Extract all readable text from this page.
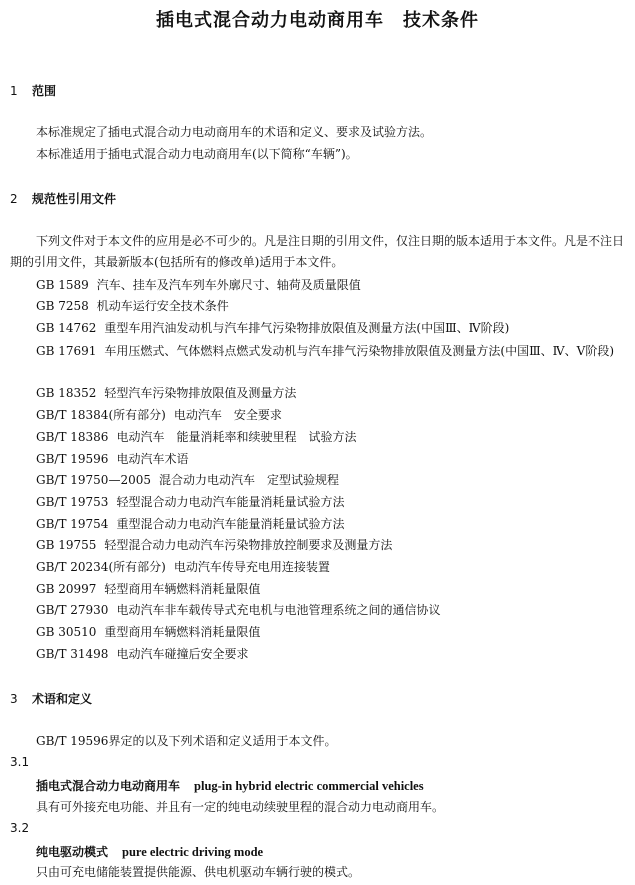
插电式混合动力电动商用车　技术条件
1 范围

本标准规定了插电式混合动力电动商用车的术语和定义、要求及试验方法。

本标准适用于插电式混合动力电动商用车(以下简称“车辆”)。

2 规范性引用文件

下列文件对于本文件的应用是必不可少的。凡是注日期的引用文件，仅注日期的版本适用于本文件。凡是不注日期的引用文件，其最新版本(包括所有的修改单)适用于本文件。

GB 1589 汽车、挂车及汽车列车外廓尺寸、轴荷及质量限值
GB 7258 机动车运行安全技术条件
GB 14762 重型车用汽油发动机与汽车排气污染物排放限值及测量方法(中国Ⅲ、Ⅳ阶段)
GB 17691 车用压燃式、气体燃料点燃式发动机与汽车排气污染物排放限值及测量方法(中国Ⅲ、Ⅳ、Ⅴ阶段)
GB 18352 轻型汽车污染物排放限值及测量方法
GB/T 18384(所有部分) 电动汽车　安全要求
GB/T 18386 电动汽车　能量消耗率和续驶里程　试验方法
GB/T 19596 电动汽车术语
GB/T 19750—2005 混合动力电动汽车　定型试验规程
GB/T 19753 轻型混合动力电动汽车能量消耗量试验方法
GB/T 19754 重型混合动力电动汽车能量消耗量试验方法
GB 19755 轻型混合动力电动汽车污染物排放控制要求及测量方法
GB/T 20234(所有部分) 电动汽车传导充电用连接装置
GB 20997 轻型商用车辆燃料消耗量限值
GB/T 27930 电动汽车非车载传导式充电机与电池管理系统之间的通信协议
GB 30510 重型商用车辆燃料消耗量限值
GB/T 31498 电动汽车碰撞后安全要求
3 术语和定义

GB/T 19596界定的以及下列术语和定义适用于本文件。

3.1
插电式混合动力电动商用车 plug-in hybrid electric commercial vehicles

具有可外接充电功能、并且有一定的纯电动续驶里程的混合动力电动商用车。

3.2
纯电驱动模式 pure electric driving mode

只由可充电储能装置提供能源、供电机驱动车辆行驶的模式。
